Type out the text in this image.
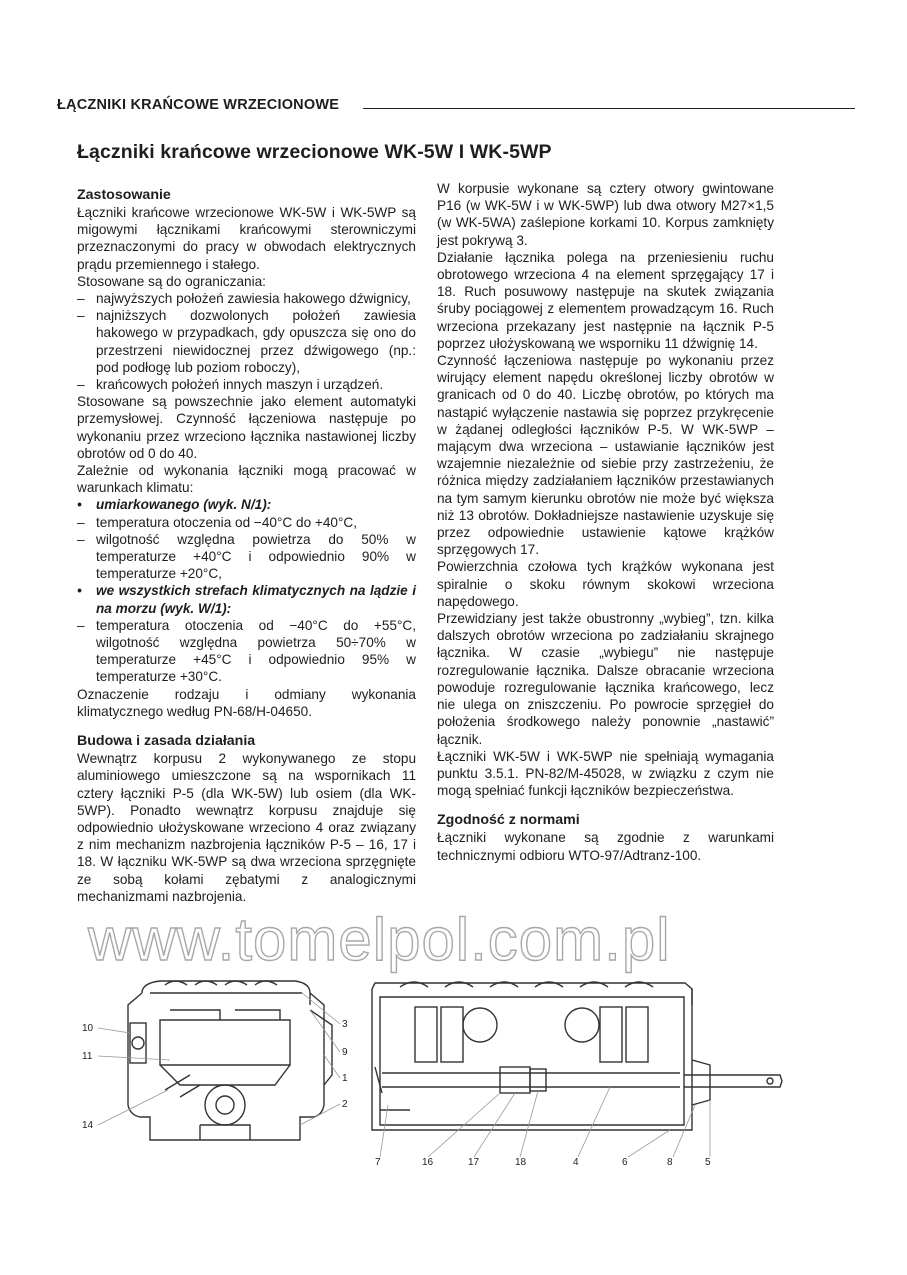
ŁĄCZNIKI KRAŃCOWE WRZECIONOWE
Łączniki krańcowe wrzecionowe WK-5W I WK-5WP
Zastosowanie

Łączniki krańcowe wrzecionowe WK-5W i WK-5WP są migowymi łącznikami krańcowymi sterowniczymi przeznaczonymi do pracy w obwodach elektrycznych prądu przemiennego i stałego.

Stosowane są do ograniczania:

– najwyższych położeń zawiesia hakowego dźwignicy,
– najniższych dozwolonych położeń zawiesia hakowego w przypadkach, gdy opuszcza się ono do przestrzeni niewidocznej przez dźwigowego (np.: pod podłogę lub poziom roboczy),
– krańcowych położeń innych maszyn i urządzeń.

Stosowane są powszechnie jako element automatyki przemysłowej. Czynność łączeniowa następuje po wykonaniu przez wrzeciono łącznika nastawionej liczby obrotów od 0 do 40.

Zależnie od wykonania łączniki mogą pracować w warunkach klimatu:

• umiarkowanego (wyk. N/1):
– temperatura otoczenia od −40°C do +40°C,
– wilgotność względna powietrza do 50% w temperaturze +40°C i odpowiednio 90% w temperaturze +20°C,
• we wszystkich strefach klimatycznych na lądzie i na morzu (wyk. W/1):
– temperatura otoczenia od −40°C do +55°C, wilgotność względna powietrza 50÷70% w temperaturze +45°C i odpowiednio 95% w temperaturze +30°C.

Oznaczenie rodzaju i odmiany wykonania klimatycznego według PN-68/H-04650.

Budowa i zasada działania

Wewnątrz korpusu 2 wykonywanego ze stopu aluminiowego umieszczone są na wspornikach 11 cztery łączniki P-5 (dla WK-5W) lub osiem (dla WK-5WP). Ponadto wewnątrz korpusu znajduje się odpowiednio ułożyskowane wrzeciono 4 oraz związany z nim mechanizm nazbrojenia łączników P-5 – 16, 17 i 18. W łączniku WK-5WP są dwa wrzeciona sprzęgnięte ze sobą kołami zębatymi z analogicznymi mechanizmami nazbrojenia.

W korpusie wykonane są cztery otwory gwintowane P16 (w WK-5W i w WK-5WP) lub dwa otwory M27×1,5 (w WK-5WA) zaślepione korkami 10. Korpus zamknięty jest pokrywą 3.

Działanie łącznika polega na przeniesieniu ruchu obrotowego wrzeciona 4 na element sprzęgający 17 i 18. Ruch posuwowy następuje na skutek związania śruby pociągowej z elementem prowadzącym 16. Ruch wrzeciona przekazany jest następnie na łącznik P-5 poprzez ułożyskowaną we wsporniku 11 dźwignię 14.

Czynność łączeniowa następuje po wykonaniu przez wirujący element napędu określonej liczby obrotów w granicach od 0 do 40. Liczbę obrotów, po których ma nastąpić wyłączenie nastawia się poprzez przykręcenie w żądanej odległości łączników P-5. W WK-5WP – mającym dwa wrzeciona – ustawianie łączników jest wzajemnie niezależnie od siebie przy zastrzeżeniu, że różnica między zadziałaniem łączników przestawianych na tym samym kierunku obrotów nie może być większa niż 13 obrotów. Dokładniejsze nastawienie uzyskuje się przez odpowiednie ustawienie kątowe krążków sprzęgowych 17.

Powierzchnia czołowa tych krążków wykonana jest spiralnie o skoku równym skokowi wrzeciona napędowego.

Przewidziany jest także obustronny „wybieg”, tzn. kilka dalszych obrotów wrzeciona po zadziałaniu skrajnego łącznika. W czasie „wybiegu” nie następuje rozregulowanie łącznika. Dalsze obracanie wrzeciona powoduje rozregulowanie łącznika krańcowego, lecz nie ulega on zniszczeniu. Po powrocie sprzęgieł do położenia środkowego należy ponownie „nastawić” łącznik.

Łączniki WK-5W i WK-5WP nie spełniają wymagania punktu 3.5.1. PN-82/M-45028, w związku z czym nie mogą spełniać funkcji łączników bezpieczeństwa.

Zgodność z normami

Łączniki wykonane są zgodnie z warunkami technicznymi odbioru WTO-97/Adtranz-100.

www.tomelpol.com.pl
10
11
14
3
9
1
2
7	16	17	18	4	6	8	5
